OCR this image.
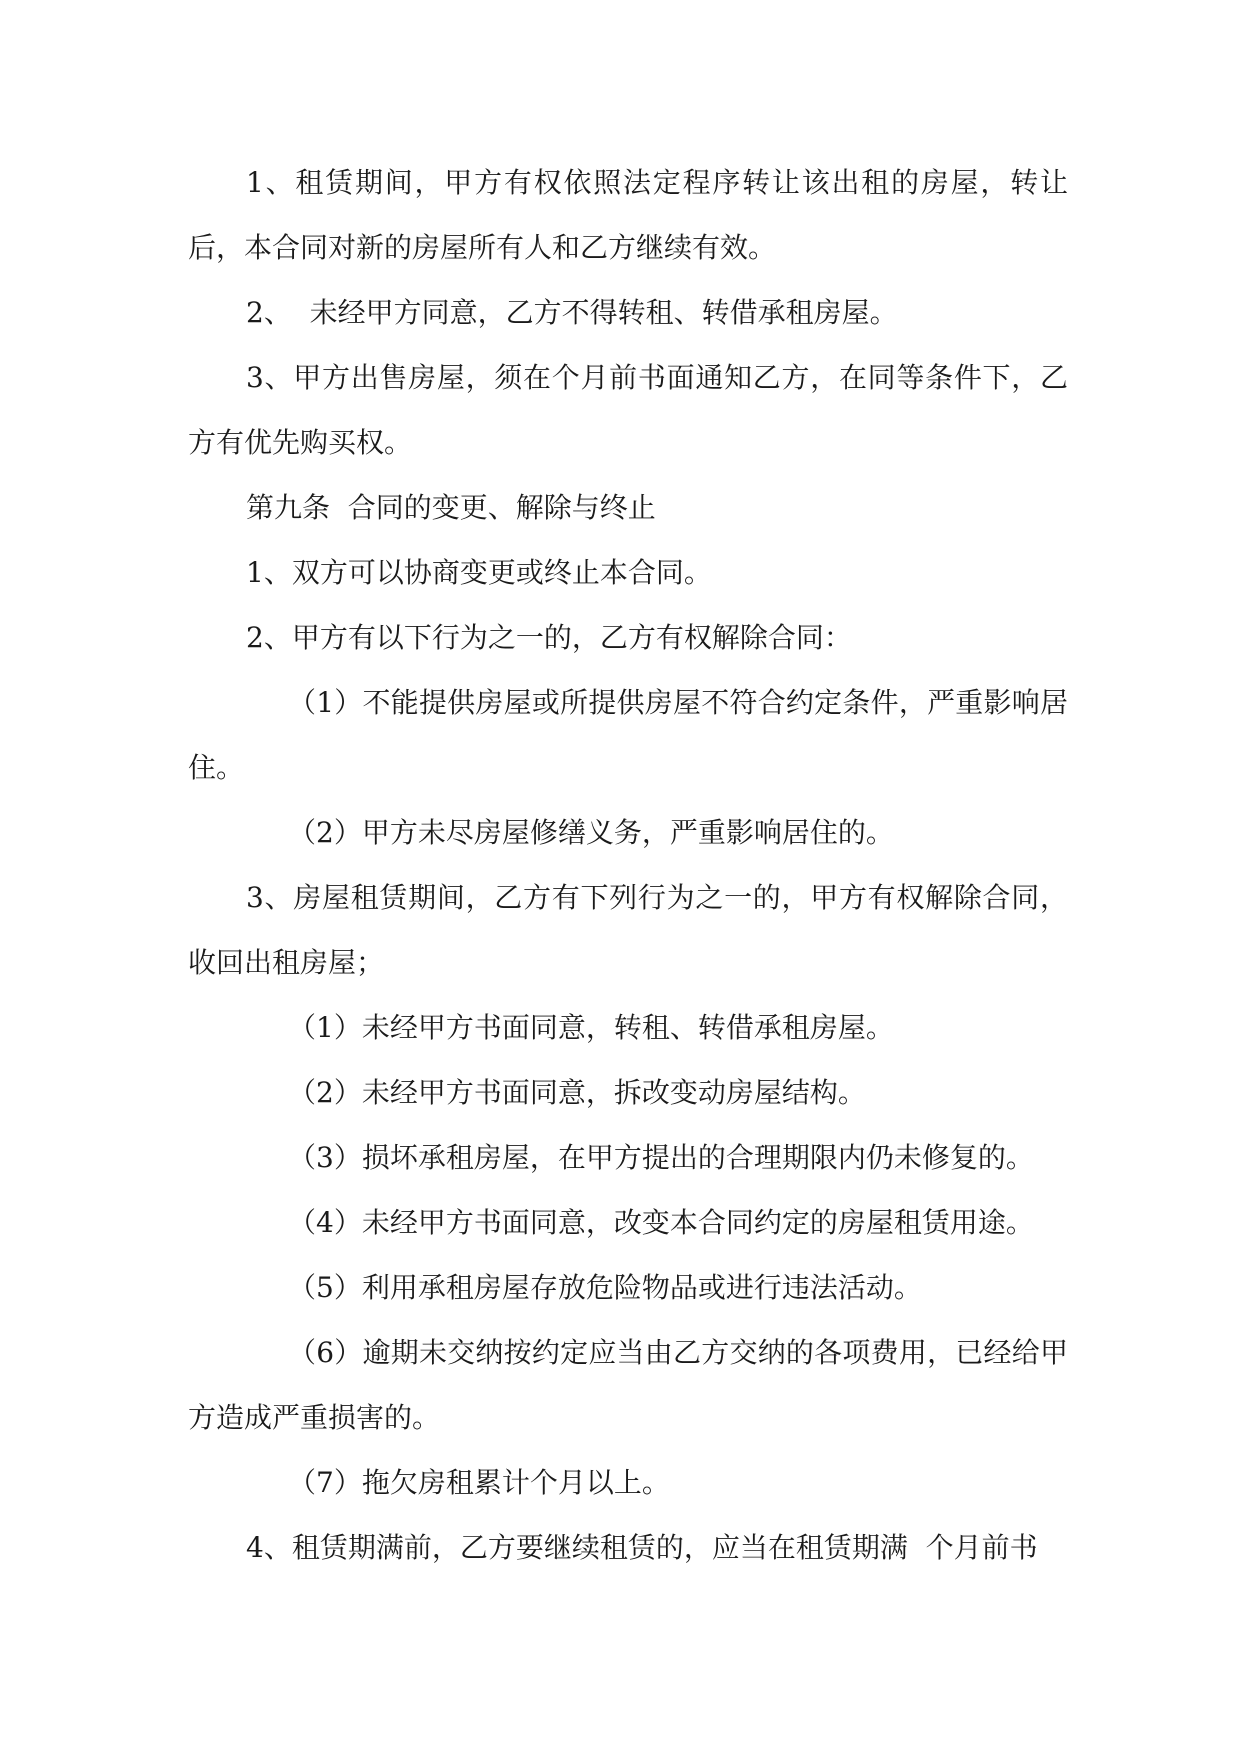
1、租赁期间，甲方有权依照法定程序转让该出租的房屋，转让后，本合同对新的房屋所有人和乙方继续有效。

2、  未经甲方同意，乙方不得转租、转借承租房屋。

3、甲方出售房屋，须在个月前书面通知乙方，在同等条件下，乙方有优先购买权。

第九条  合同的变更、解除与终止

1、双方可以协商变更或终止本合同。

2、甲方有以下行为之一的，乙方有权解除合同：

（1）不能提供房屋或所提供房屋不符合约定条件，严重影响居住。

（2）甲方未尽房屋修缮义务，严重影响居住的。

3、房屋租赁期间，乙方有下列行为之一的，甲方有权解除合同，收回出租房屋；

（1）未经甲方书面同意，转租、转借承租房屋。

（2）未经甲方书面同意，拆改变动房屋结构。

（3）损坏承租房屋，在甲方提出的合理期限内仍未修复的。

（4）未经甲方书面同意，改变本合同约定的房屋租赁用途。

（5）利用承租房屋存放危险物品或进行违法活动。

（6）逾期未交纳按约定应当由乙方交纳的各项费用，已经给甲方造成严重损害的。

（7）拖欠房租累计个月以上。

4、租赁期满前，乙方要继续租赁的，应当在租赁期满  个月前书
